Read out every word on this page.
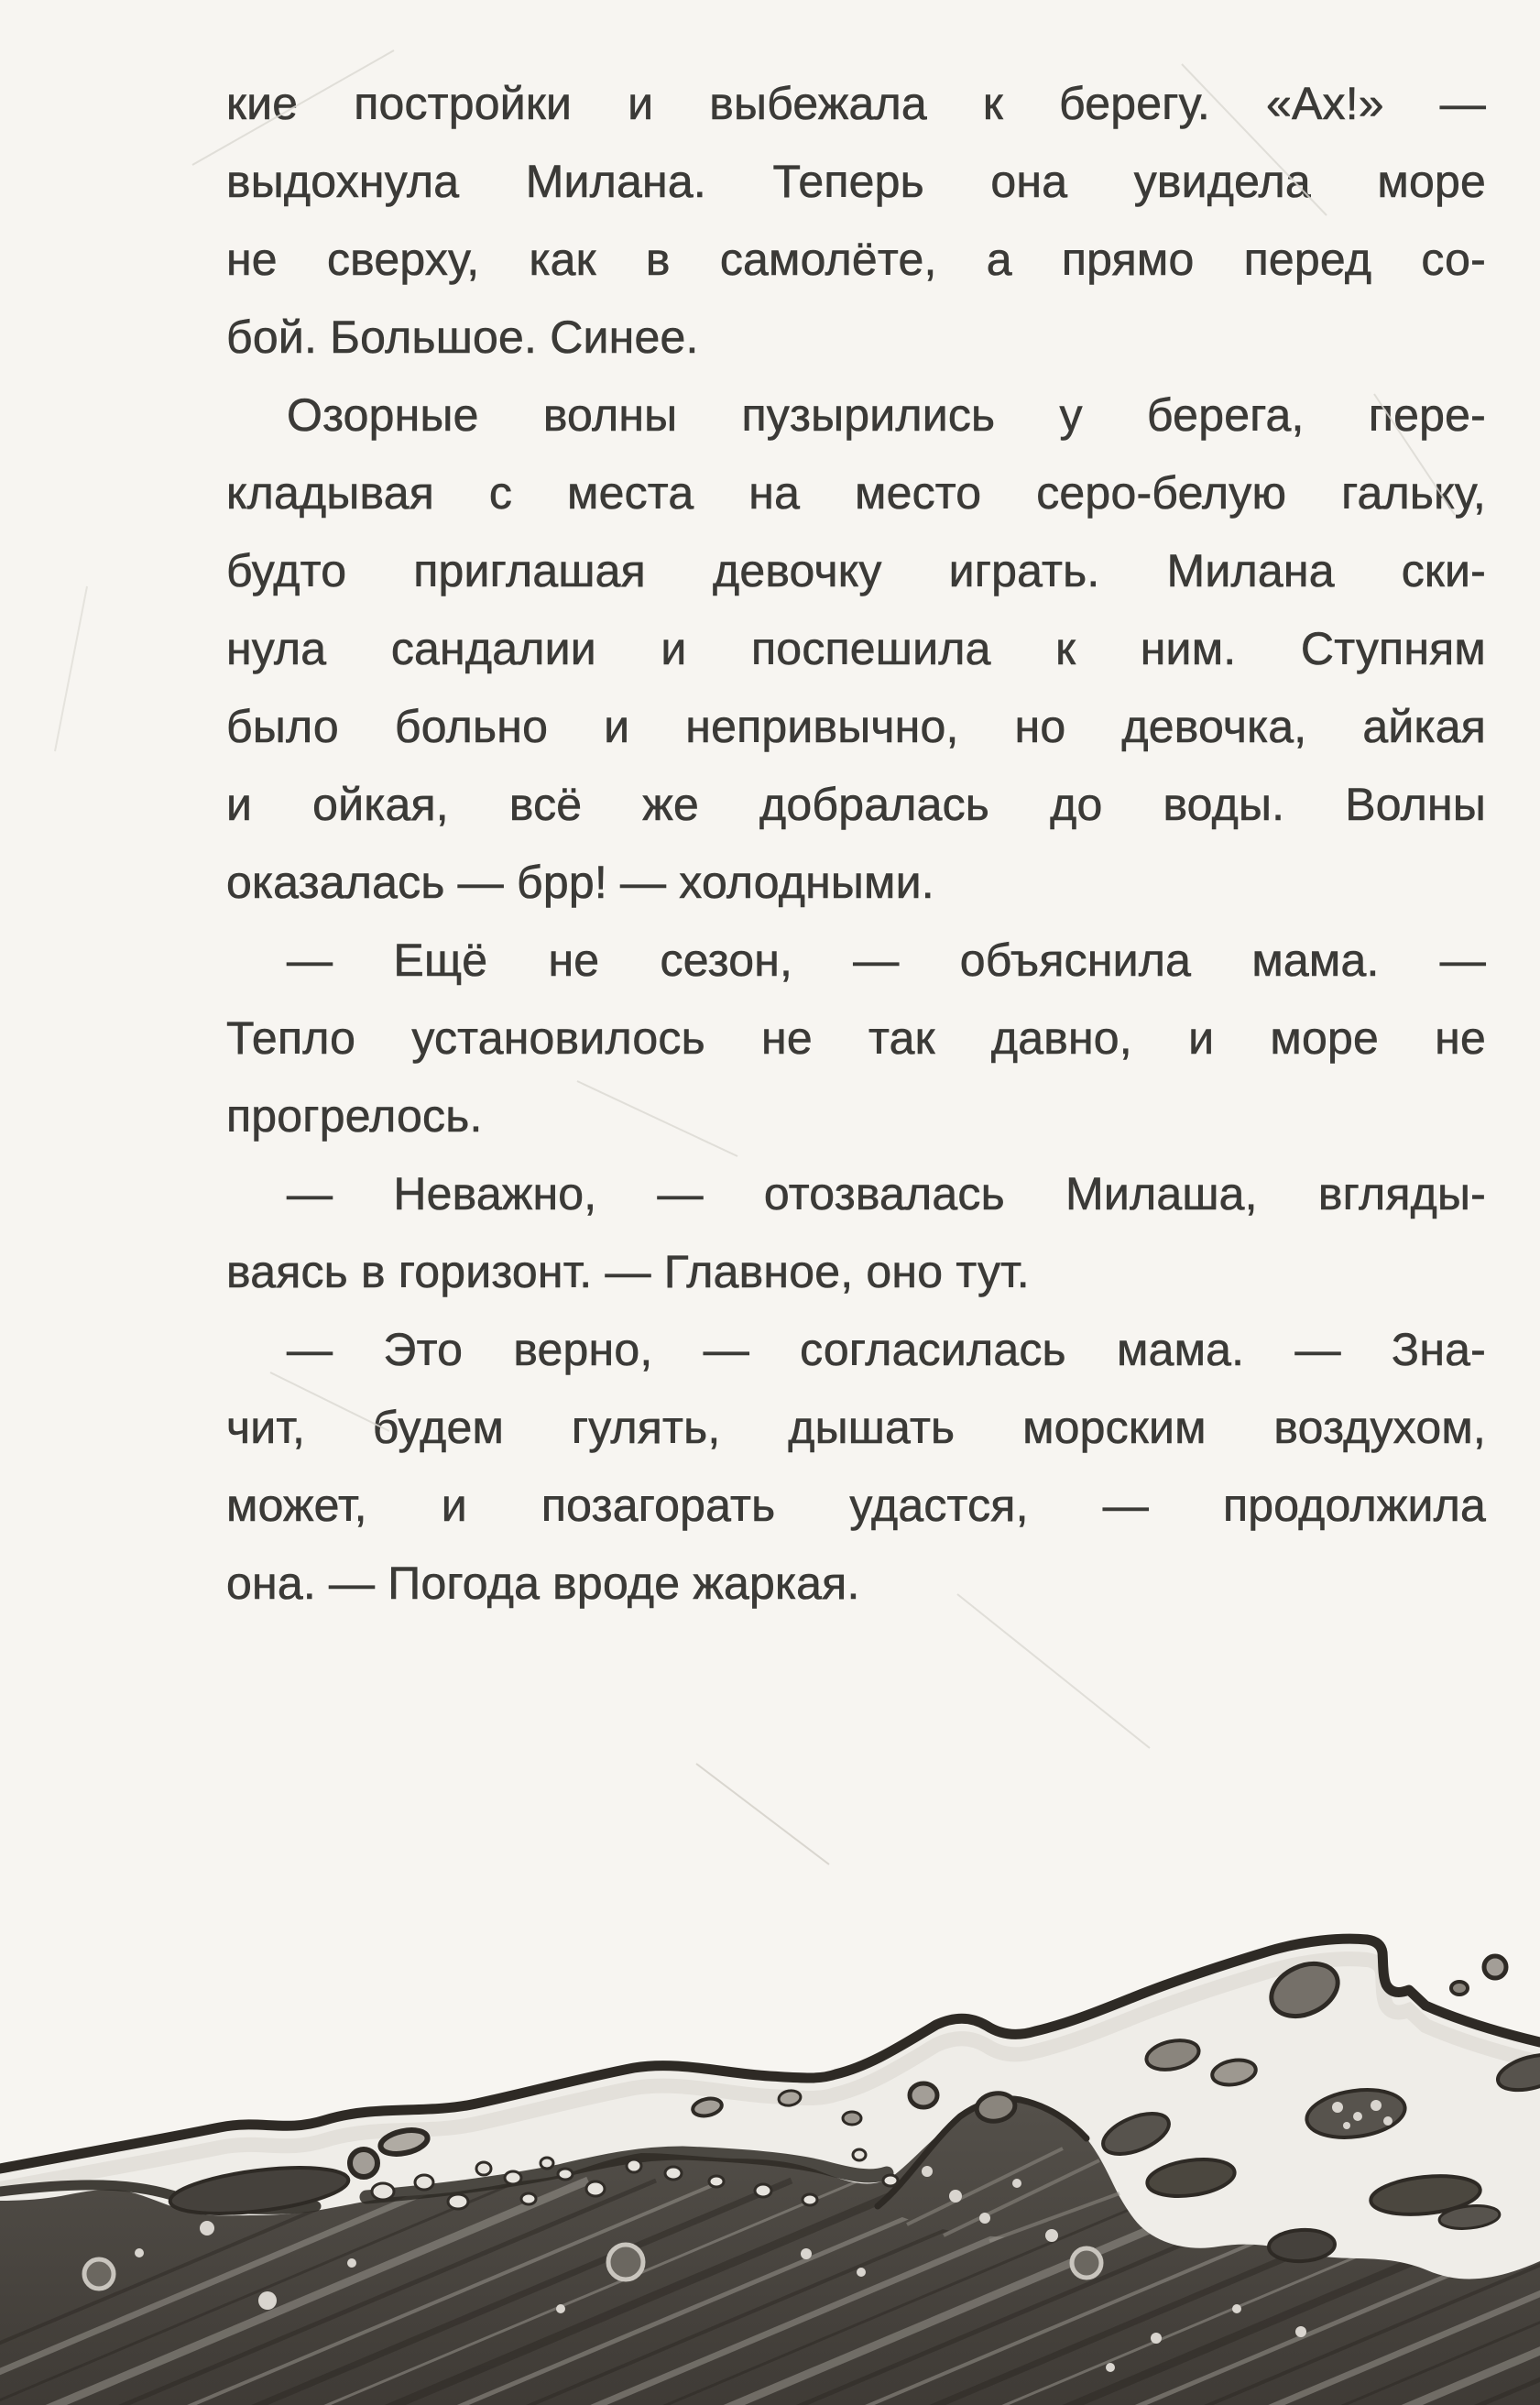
кие постройки и выбежала к берегу. «Ах!» —
выдохнула Милана. Теперь она увидела море
не сверху, как в самолёте, а прямо перед со-
бой. Большое. Синее.
Озорные волны пузырились у берега, пере-
кладывая с места на место серо-белую гальку,
будто приглашая девочку играть. Милана ски-
нула сандалии и поспешила к ним. Ступням
было больно и непривычно, но девочка, айкая
и ойкая, всё же добралась до воды. Волны
оказалась — брр! — холодными.
— Ещё не сезон, — объяснила мама. —
Тепло установилось не так давно, и море не
прогрелось.
— Неважно, — отозвалась Милаша, вгляды-
ваясь в горизонт. — Главное, оно тут.
— Это верно, — согласилась мама. — Зна-
чит, будем гулять, дышать морским воздухом,
может, и позагорать удастся, — продолжила
она. — Погода вроде жаркая.
